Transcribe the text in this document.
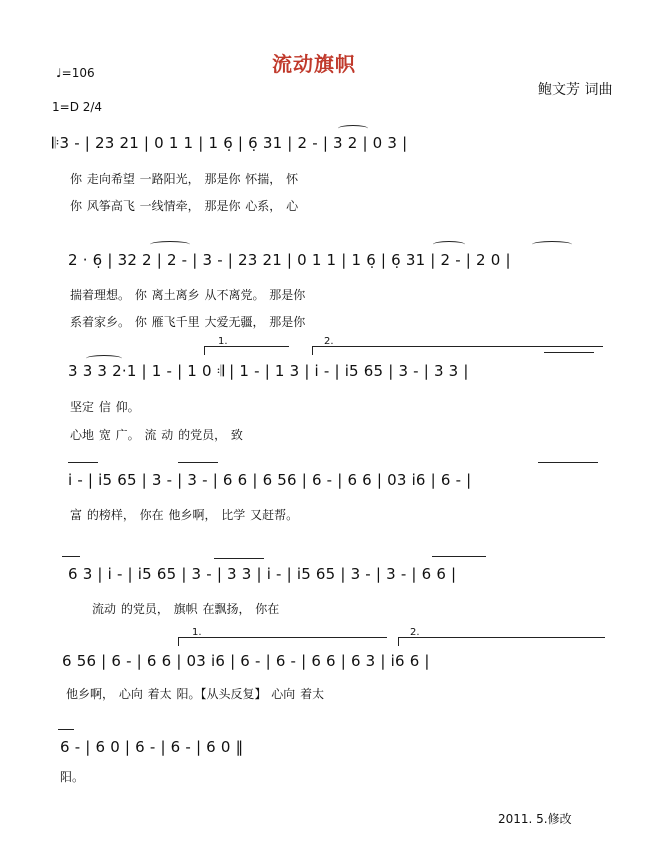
流动旗帜
♩=106
鲍文芳 词曲
1=D 2/4
𝄆3 - | 23 21 | 0 1 1 | 1 6̣ | 6̣ 31 | 2 - | 3 2 | 0 3 |
你 走向希望 一路阳光， 那是你 怀揣， 怀
你 风筝高飞 一线情牵， 那是你 心系， 心
2 · 6̣ | 32 2 | 2 - | 3 - | 23 21 | 0 1 1 | 1 6̣ | 6̣ 31 | 2 - | 2 0 |
揣着理想。 你 离土离乡 从不离党。 那是你
系着家乡。 你 雁飞千里 大爱无疆， 那是你
1.	2.
3 3 3 2·1 | 1 - | 1 0 𝄇 | 1 - | 1 3 | i - | i5 65 | 3 - | 3 3 |
坚定 信 仰。
心地 宽 广。 流 动 的党员， 致
i - | i5 65 | 3 - | 3 - | 6 6 | 6 56 | 6 - | 6 6 | 03 i6 | 6 - |
富 的榜样， 你在 他乡啊， 比学 又赶帮。
6 3 | i - | i5 65 | 3 - | 3 3 | i - | i5 65 | 3 - | 3 - | 6 6 |
流动 的党员， 旗帜 在飘扬， 你在
1.	2.
6 56 | 6 - | 6 6 | 03 i6 | 6 - | 6 - | 6 6 | 6 3 | i6 6 |
他乡啊， 心向 着太 阳。【从头反复】 心向 着太
6 - | 6 0 | 6 - | 6 - | 6 0 ‖
阳。
2011. 5.修改
